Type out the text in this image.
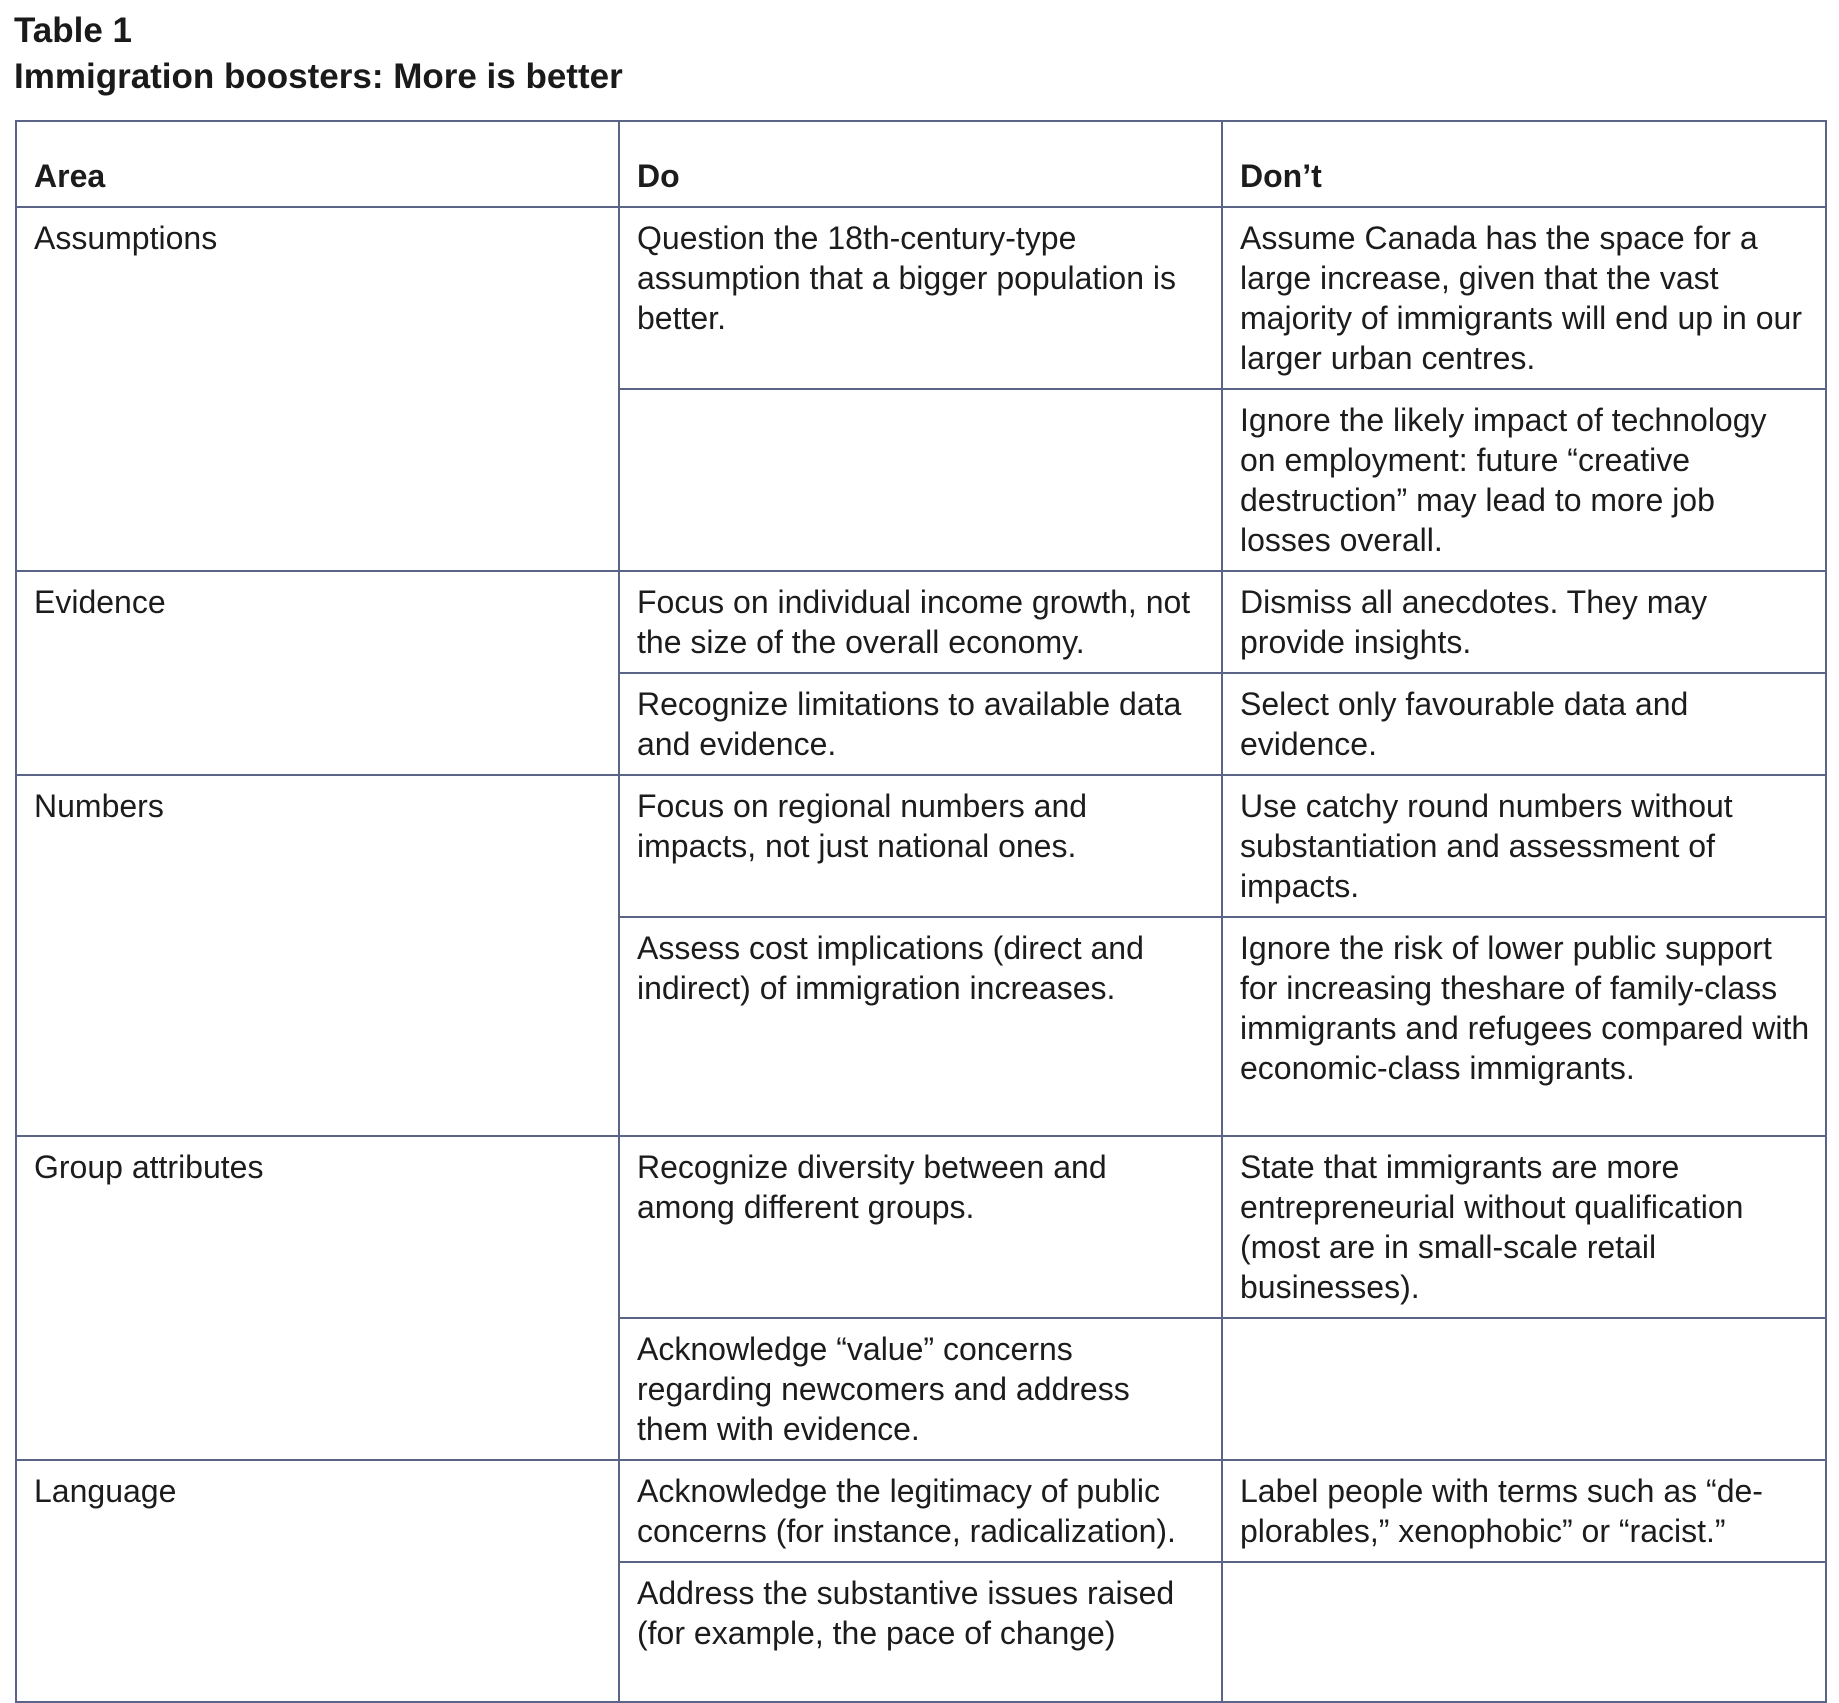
Table 1
Immigration boosters: More is better
Area	Do	Don’t
Assumptions	Question the 18th-century-type assumption that a bigger population is better.	Assume Canada has the space for a large increase, given that the vast majority of immigrants will end up in our larger urban centres.
		Ignore the likely impact of technology on employment: future “creative destruction” may lead to more job losses overall.
Evidence	Focus on individual income growth, not the size of the overall economy.	Dismiss all anecdotes. They may provide insights.
	Recognize limitations to available data and evidence.	Select only favourable data and evidence.
Numbers	Focus on regional numbers and impacts, not just national ones.	Use catchy round numbers without substantiation and assessment of impacts.
	Assess cost implications (direct and indirect) of immigration increases.	Ignore the risk of lower public support for increasing theshare of family-class immigrants and refugees compared with economic-class immigrants.
Group attributes	Recognize diversity between and among different groups.	State that immigrants are more entrepreneurial without qualification (most are in small-scale retail businesses).
	Acknowledge “value” concerns regarding newcomers and address them with evidence.	
Language	Acknowledge the legitimacy of public concerns (for instance, radicalization).	Label people with terms such as “de-plorables,” xenophobic” or “racist.”
	Address the substantive issues raised (for example, the pace of change)	
